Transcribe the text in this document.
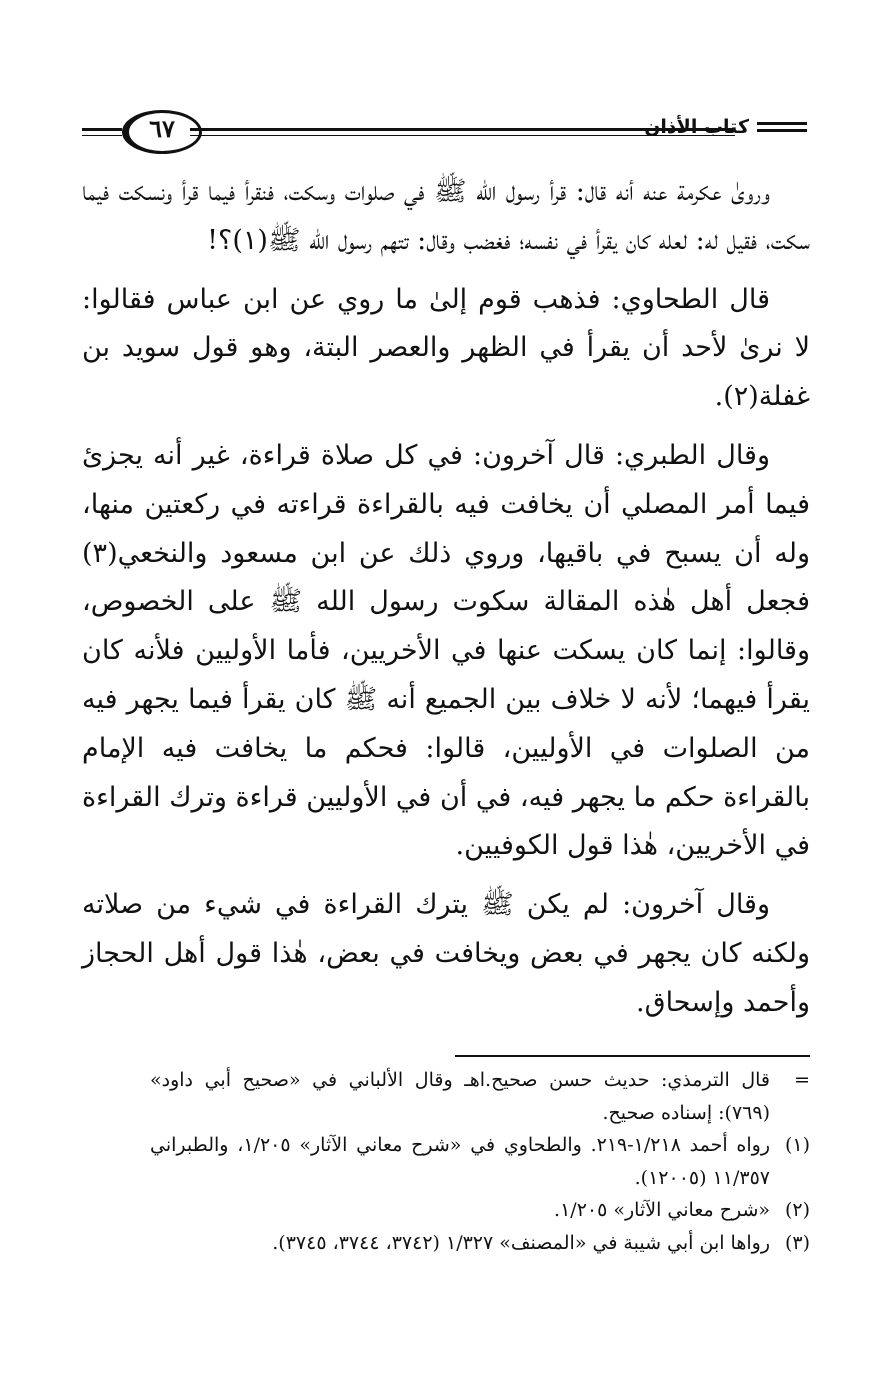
٦٧	كتاب الأذان

وروىٰ عكرمة عنه أنه قال: قرأ رسول الله ﷺ في صلوات وسكت، فنقرأ فيما قرأ ونسكت فيما سكت، فقيل له: لعله كان يقرأ في نفسه؛ فغضب وقال: تتهم رسول الله ﷺ(١)؟!

قال الطحاوي: فذهب قوم إلىٰ ما روي عن ابن عباس فقالوا: لا نرىٰ لأحد أن يقرأ في الظهر والعصر البتة، وهو قول سويد بن غفلة(٢).

وقال الطبري: قال آخرون: في كل صلاة قراءة، غير أنه يجزئ فيما أمر المصلي أن يخافت فيه بالقراءة قراءته في ركعتين منها، وله أن يسبح في باقيها، وروي ذلك عن ابن مسعود والنخعي(٣) فجعل أهل هٰذه المقالة سكوت رسول الله ﷺ على الخصوص، وقالوا: إنما كان يسكت عنها في الأخريين، فأما الأوليين فلأنه كان يقرأ فيهما؛ لأنه لا خلاف بين الجميع أنه ﷺ كان يقرأ فيما يجهر فيه من الصلوات في الأوليين، قالوا: فحكم ما يخافت فيه الإمام بالقراءة حكم ما يجهر فيه، في أن في الأوليين قراءة وترك القراءة في الأخريين، هٰذا قول الكوفيين.

وقال آخرون: لم يكن ﷺ يترك القراءة في شيء من صلاته ولكنه كان يجهر في بعض ويخافت في بعض، هٰذا قول أهل الحجاز وأحمد وإسحاق.

=
قال الترمذي: حديث حسن صحيح.اهـ وقال الألباني في «صحيح أبي داود» (٧٦٩): إسناده صحيح.
(١)
رواه أحمد ١/٢١٨-٢١٩. والطحاوي في «شرح معاني الآثار» ١/٢٠٥، والطبراني ١١/٣٥٧ (١٢٠٠٥).
(٢)
«شرح معاني الآثار» ١/٢٠٥.
(٣)
رواها ابن أبي شيبة في «المصنف» ١/٣٢٧ (٣٧٤٢، ٣٧٤٤، ٣٧٤٥).
